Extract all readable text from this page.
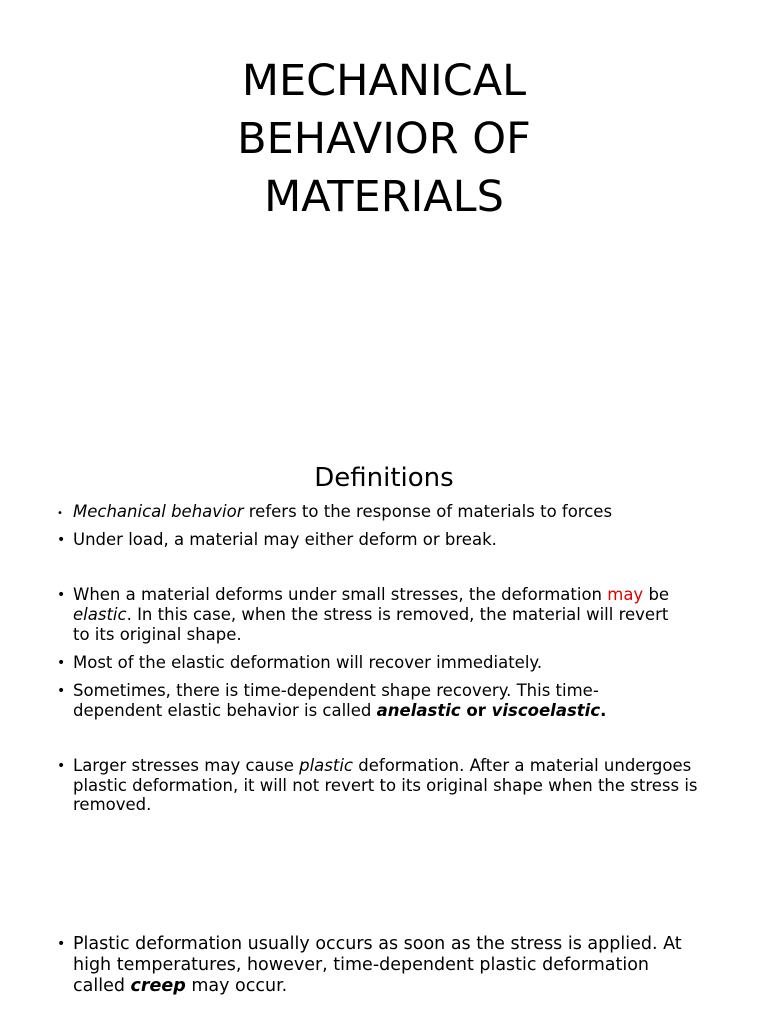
MECHANICAL
BEHAVIOR OF
MATERIALS
Definitions

• Mechanical behavior refers to the response of materials to forces

• Under load, a material may either deform or break.

• When a material deforms under small stresses, the deformation may be elastic. In this case, when the stress is removed, the material will revert to its original shape.

• Most of the elastic deformation will recover immediately.

• Sometimes, there is time-dependent shape recovery. This time-dependent elastic behavior is called anelastic or viscoelastic.

• Larger stresses may cause plastic deformation. After a material undergoes plastic deformation, it will not revert to its original shape when the stress is removed.

• Plastic deformation usually occurs as soon as the stress is applied. At high temperatures, however, time-dependent plastic deformation called creep may occur.
